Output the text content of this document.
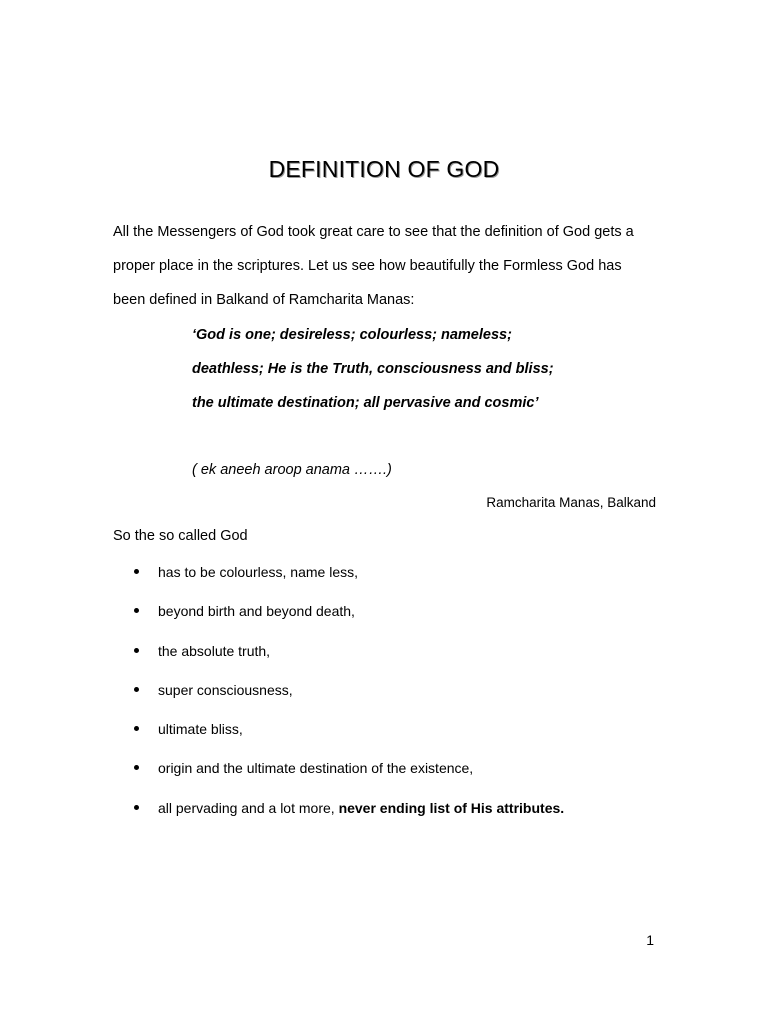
DEFINITION OF GOD
All the Messengers of God took great care to see that the definition of God gets a
proper place in the scriptures. Let us see how beautifully the Formless God has
been defined in Balkand of Ramcharita Manas:
‘God is one; desireless; colourless; nameless;
deathless; He is the Truth, consciousness and bliss;
the ultimate destination; all pervasive and cosmic’
( ek aneeh aroop anama …….)
Ramcharita Manas, Balkand
So the so called God
has to be colourless, name less,
beyond birth and beyond death,
the absolute truth,
super consciousness,
ultimate bliss,
origin and the ultimate destination of the existence,
all pervading and a lot more, never ending list of His attributes.
1
